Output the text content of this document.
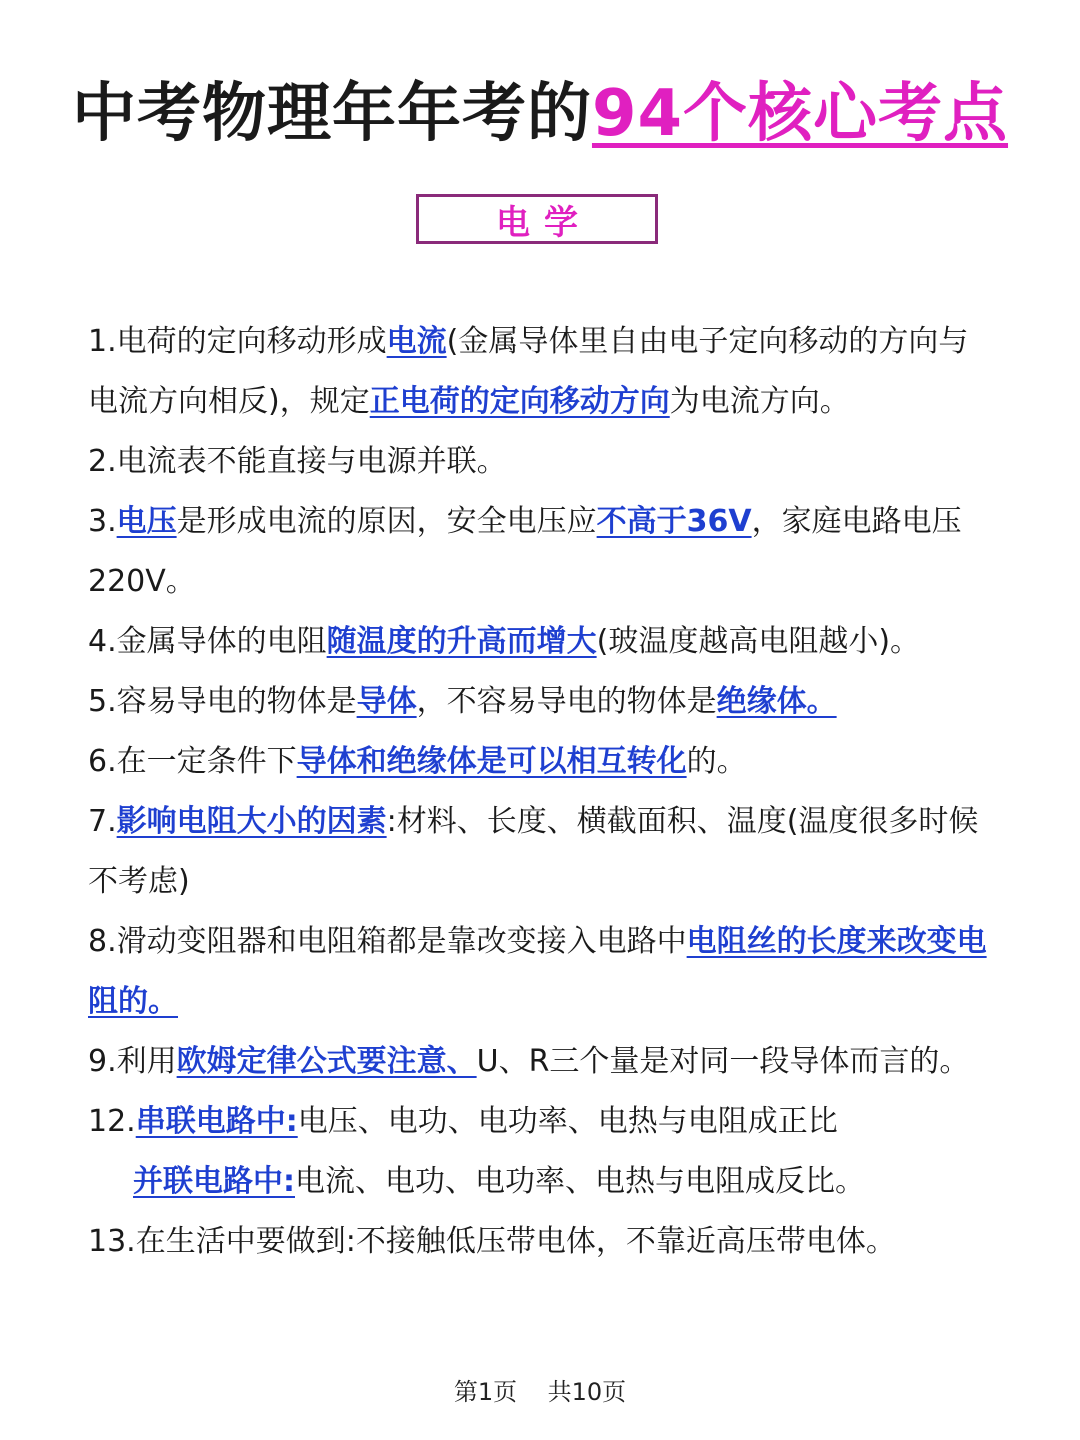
中考物理年年考的94个核心考点
电学

1.电荷的定向移动形成电流(金属导体里自由电子定向移动的方向与电流方向相反)，规定正电荷的定向移动方向为电流方向。

2.电流表不能直接与电源并联。

3.电压是形成电流的原因，安全电压应不高于36V，家庭电路电压220V。

4.金属导体的电阻随温度的升高而增大(玻温度越高电阻越小)。

5.容易导电的物体是导体，不容易导电的物体是绝缘体。

6.在一定条件下导体和绝缘体是可以相互转化的。

7.影响电阻大小的因素:材料、长度、横截面积、温度(温度很多时候不考虑)

8.滑动变阻器和电阻箱都是靠改变接入电路中电阻丝的长度来改变电阻的。

9.利用欧姆定律公式要注意、U、R三个量是对同一段导体而言的。

12.串联电路中:电压、电功、电功率、电热与电阻成正比

并联电路中:电流、电功、电功率、电热与电阻成反比。

13.在生活中要做到:不接触低压带电体，不靠近高压带电体。

第1页 共10页
